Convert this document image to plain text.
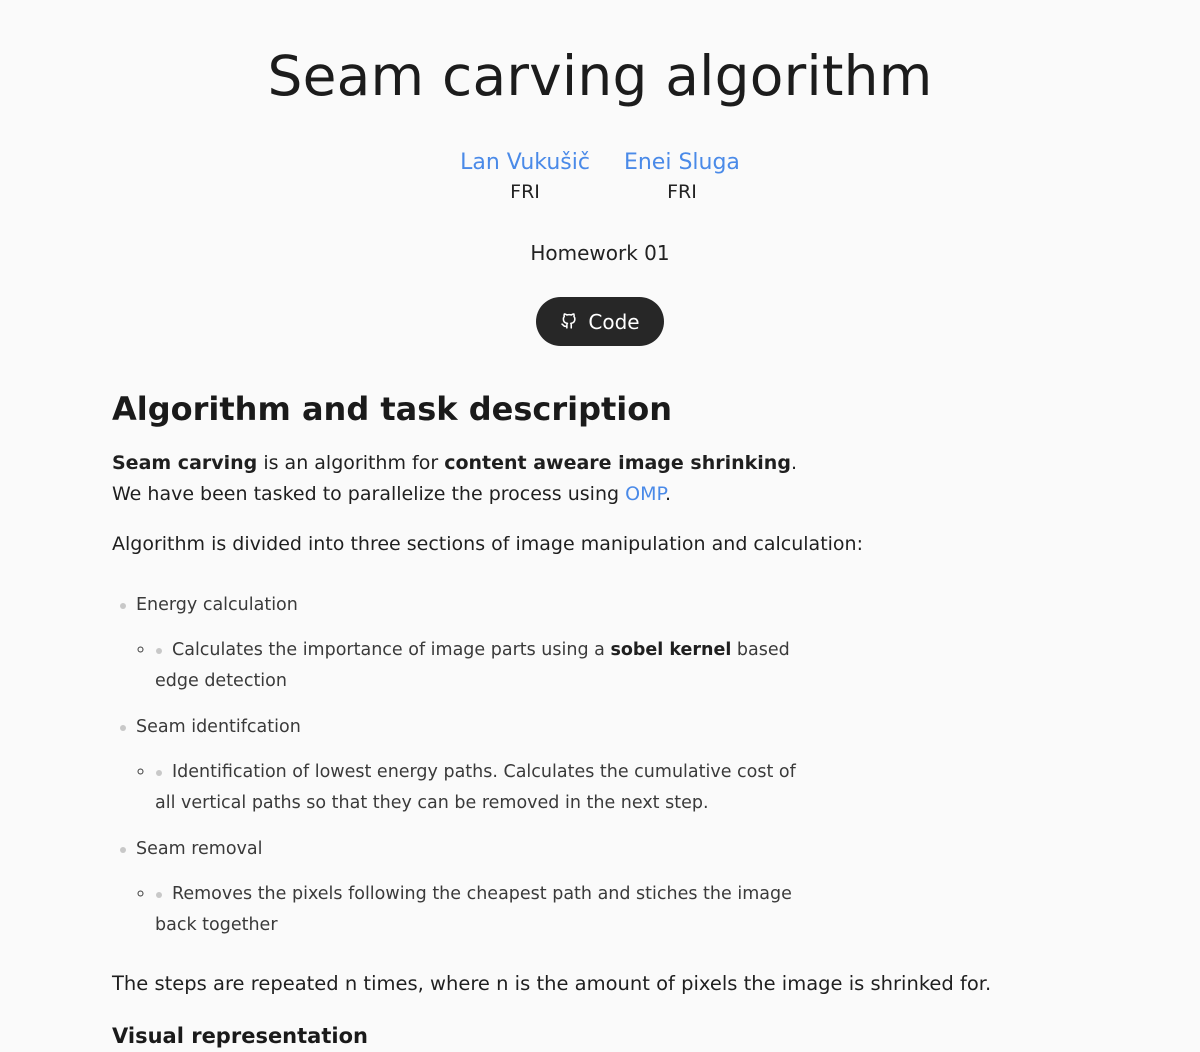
Seam carving algorithm
Lan Vukušič
FRI
Enei Sluga
FRI
Homework 01
Code
Algorithm and task description

Seam carving is an algorithm for content aweare image shrinking.
We have been tasked to parallelize the process using OMP.

Algorithm is divided into three sections of image manipulation and calculation:

Energy calculation
◦ Calculates the importance of image parts using a sobel kernel based edge detection
Seam identifcation
◦ Identification of lowest energy paths. Calculates the cumulative cost of all vertical paths so that they can be removed in the next step.
Seam removal
◦ Removes the pixels following the cheapest path and stiches the image back together

The steps are repeated n times, where n is the amount of pixels the image is shrinked for.

Visual representation
